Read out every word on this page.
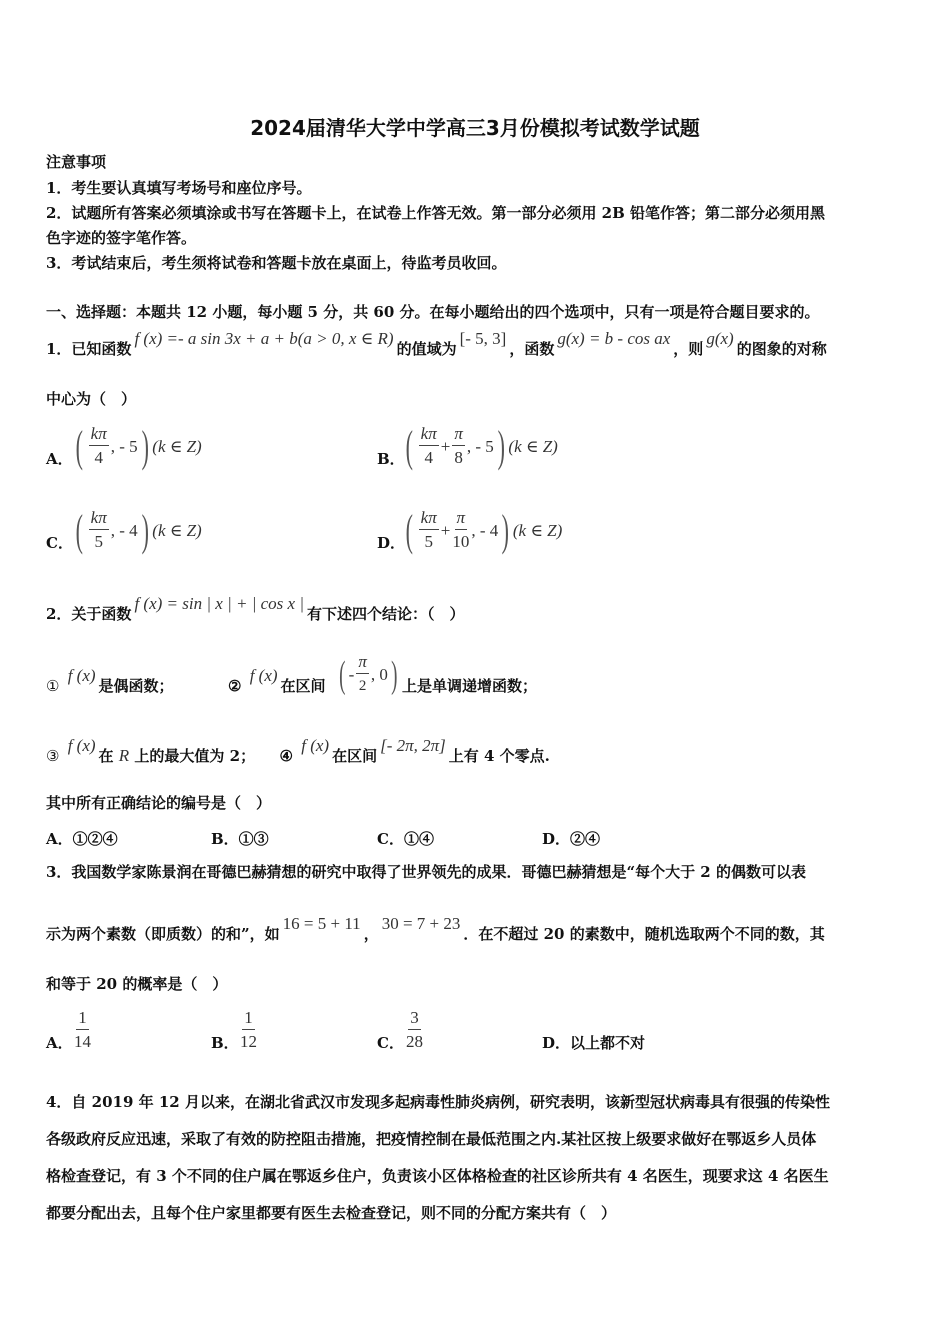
2024届清华大学中学高三3月份模拟考试数学试题
注意事项
1．考生要认真填写考场号和座位序号。
2．试题所有答案必须填涂或书写在答题卡上，在试卷上作答无效。第一部分必须用 2B 铅笔作答；第二部分必须用黑
色字迹的签字笔作答。
3．考试结束后，考生须将试卷和答题卡放在桌面上，待监考员收回。
一、选择题：本题共 12 小题，每小题 5 分，共 60 分。在每小题给出的四个选项中，只有一项是符合题目要求的。
1．已知函数f (x) =- a sin 3x + a + b(a > 0, x ∈ R)的值域为[- 5, 3]，函数g(x) = b - cos ax，则g(x)的图象的对称
中心为（　）
A． ( $\frac{k\pi}{4}$ , - 5 ) (k ∈ Z)
B． ( $\frac{k\pi}{4} + \frac{\pi}{8}$ , - 5 ) (k ∈ Z)
C． ( $\frac{k\pi}{5}$ , - 4 ) (k ∈ Z)
D． ( $\frac{k\pi}{5} + \frac{\pi}{10}$ , - 4 ) (k ∈ Z)
2．关于函数f (x) = sin | x | + | cos x |有下述四个结论：（　）
① f (x)是偶函数；	② f (x)在区间 ( - $\frac{\pi}{2}$ , 0 ) 上是单调递增函数；
③ f (x)在 R 上的最大值为 2； ④ f (x)在区间[- 2π, 2π]上有 4 个零点.
其中所有正确结论的编号是（　）
A．①②④	B．①③	C．①④	D．②④
3．我国数学家陈景润在哥德巴赫猜想的研究中取得了世界领先的成果．哥德巴赫猜想是“每个大于 2 的偶数可以表
示为两个素数（即质数）的和”，如16 = 5 + 11，30 = 7 + 23．在不超过 20 的素数中，随机选取两个不同的数，其
和等于 20 的概率是（　）
A． $\frac{1}{14}$	B． $\frac{1}{12}$	C． $\frac{3}{28}$	D．以上都不对
4．自 2019 年 12 月以来，在湖北省武汉市发现多起病毒性肺炎病例，研究表明，该新型冠状病毒具有很强的传染性
各级政府反应迅速，采取了有效的防控阻击措施，把疫情控制在最低范围之内.某社区按上级要求做好在鄂返乡人员体
格检查登记，有 3 个不同的住户属在鄂返乡住户，负责该小区体格检查的社区诊所共有 4 名医生，现要求这 4 名医生
都要分配出去，且每个住户家里都要有医生去检查登记，则不同的分配方案共有（　）
